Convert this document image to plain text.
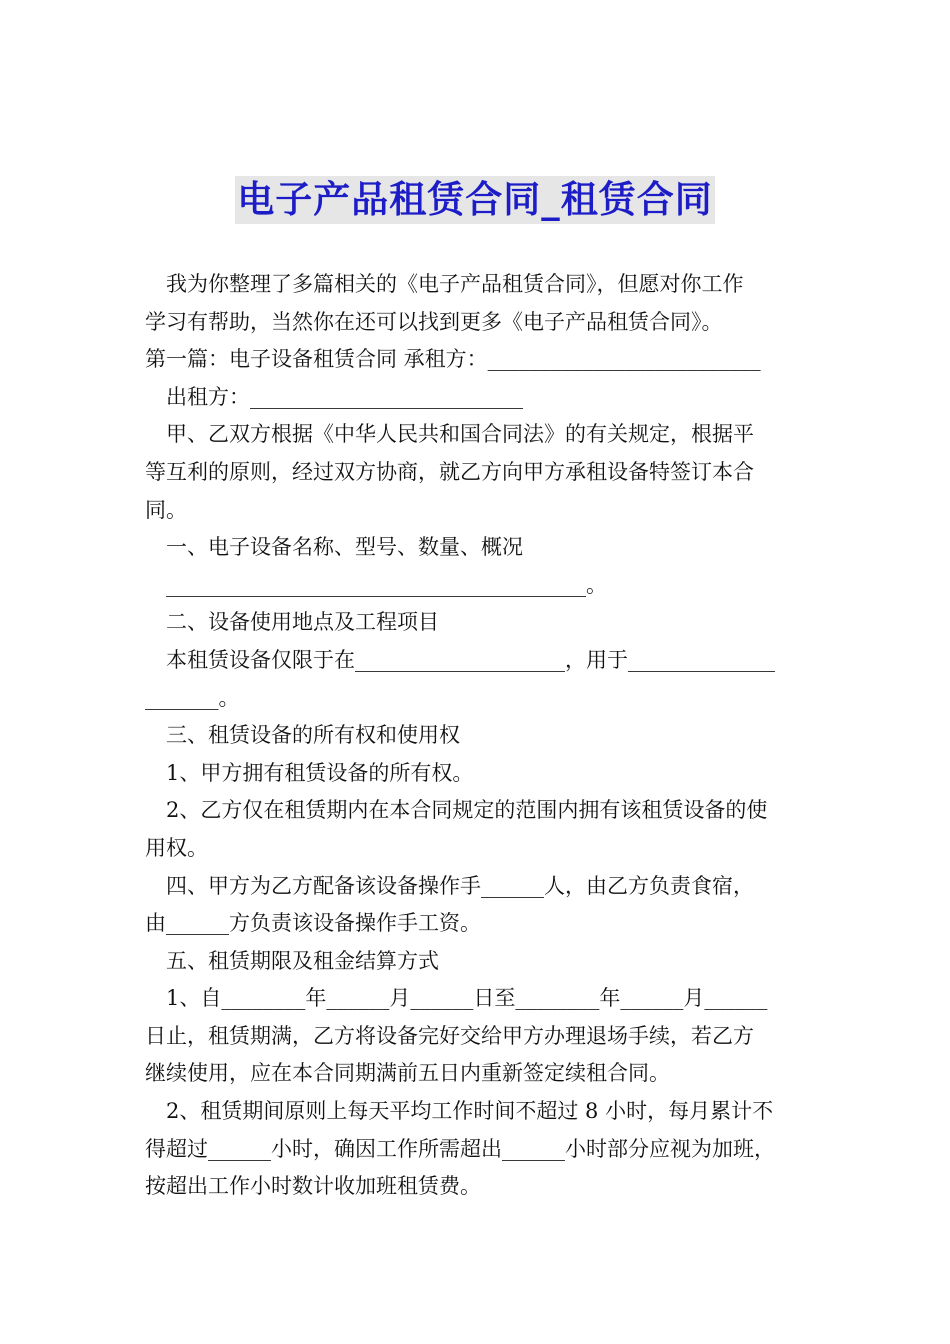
电子产品租赁合同_租赁合同

我为你整理了多篇相关的《电子产品租赁合同》，但愿对你工作

学习有帮助，当然你在还可以找到更多《电子产品租赁合同》。

第一篇：电子设备租赁合同 承租方：__________________________

出租方：__________________________

甲、乙双方根据《中华人民共和国合同法》的有关规定，根据平

等互利的原则，经过双方协商，就乙方向甲方承租设备特签订本合

同。

一、电子设备名称、型号、数量、概况

________________________________________。

二、设备使用地点及工程项目

本租赁设备仅限于在____________________，用于______________

_______。

三、租赁设备的所有权和使用权

1、甲方拥有租赁设备的所有权。

2、乙方仅在租赁期内在本合同规定的范围内拥有该租赁设备的使

用权。

四、甲方为乙方配备该设备操作手______人，由乙方负责食宿，

由______方负责该设备操作手工资。

五、租赁期限及租金结算方式

1、自________年______月______日至________年______月______

日止，租赁期满，乙方将设备完好交给甲方办理退场手续，若乙方

继续使用，应在本合同期满前五日内重新签定续租合同。

2、租赁期间原则上每天平均工作时间不超过 8 小时，每月累计不

得超过______小时，确因工作所需超出______小时部分应视为加班，

按超出工作小时数计收加班租赁费。
